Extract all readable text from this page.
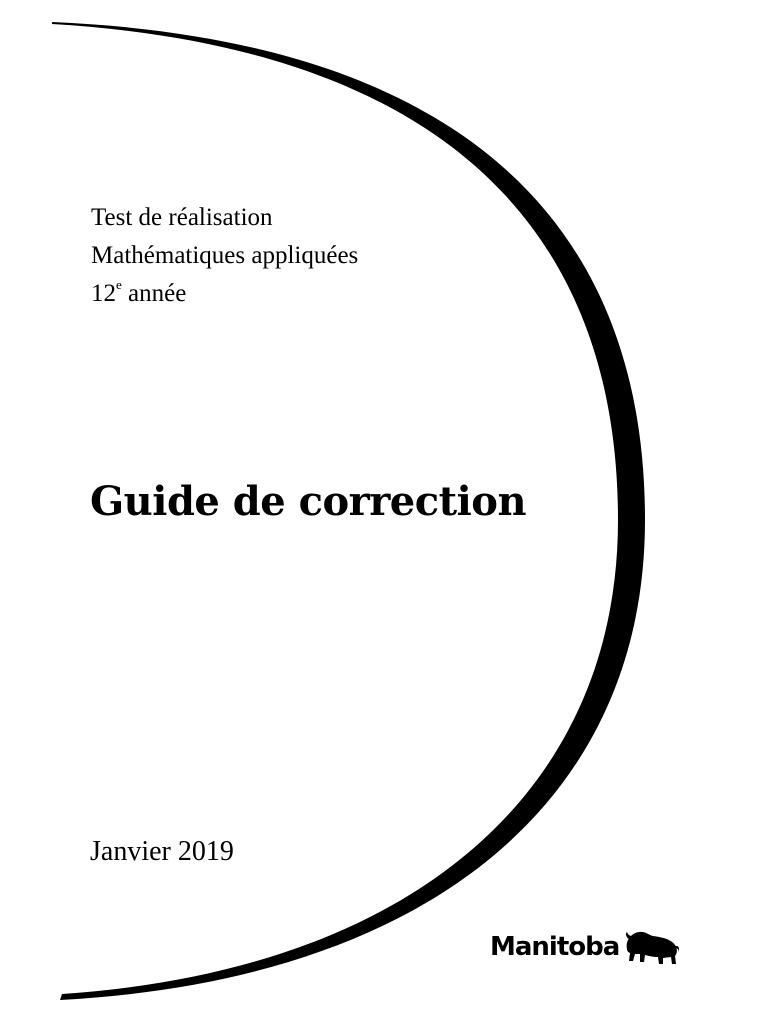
Test de réalisation
Mathématiques appliquées
12e année
Guide de correction
Janvier 2019
Manitoba
